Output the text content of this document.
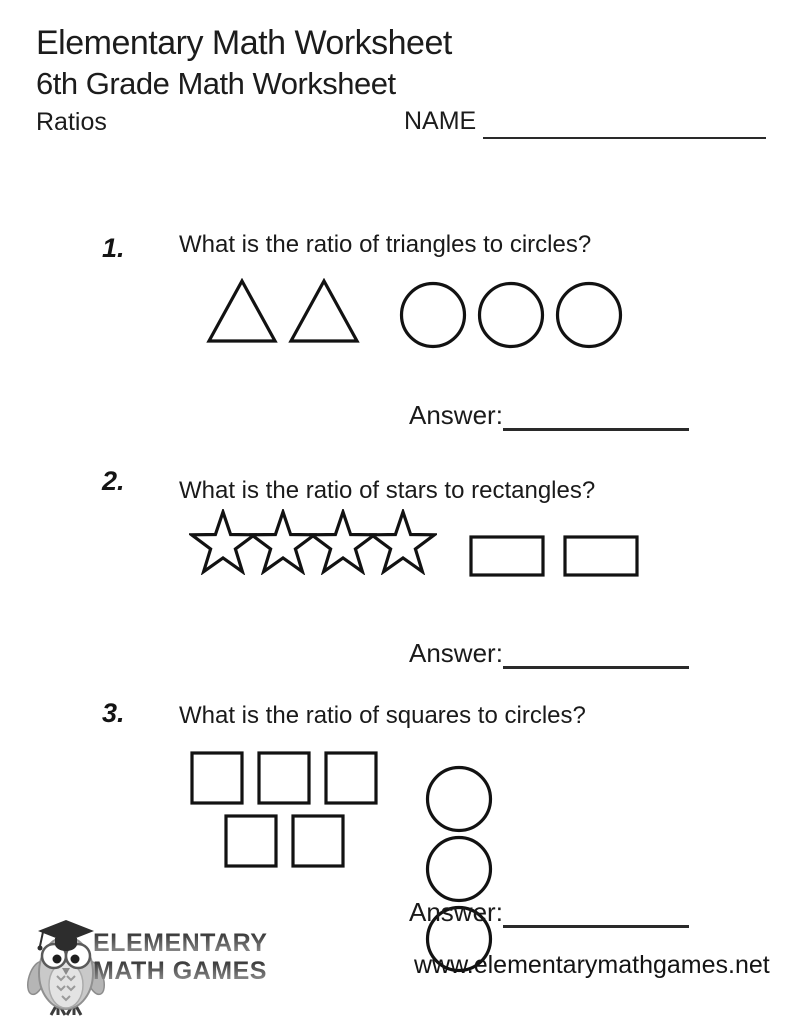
Elementary Math Worksheet
6th Grade Math Worksheet
Ratios	NAME
1. What is the ratio of triangles to circles?
Answer:
2. What is the ratio of stars to rectangles?
Answer:
3. What is the ratio of squares to circles?
Answer:
ELEMENTARY
MATH GAMES	www.elementarymathgames.net
